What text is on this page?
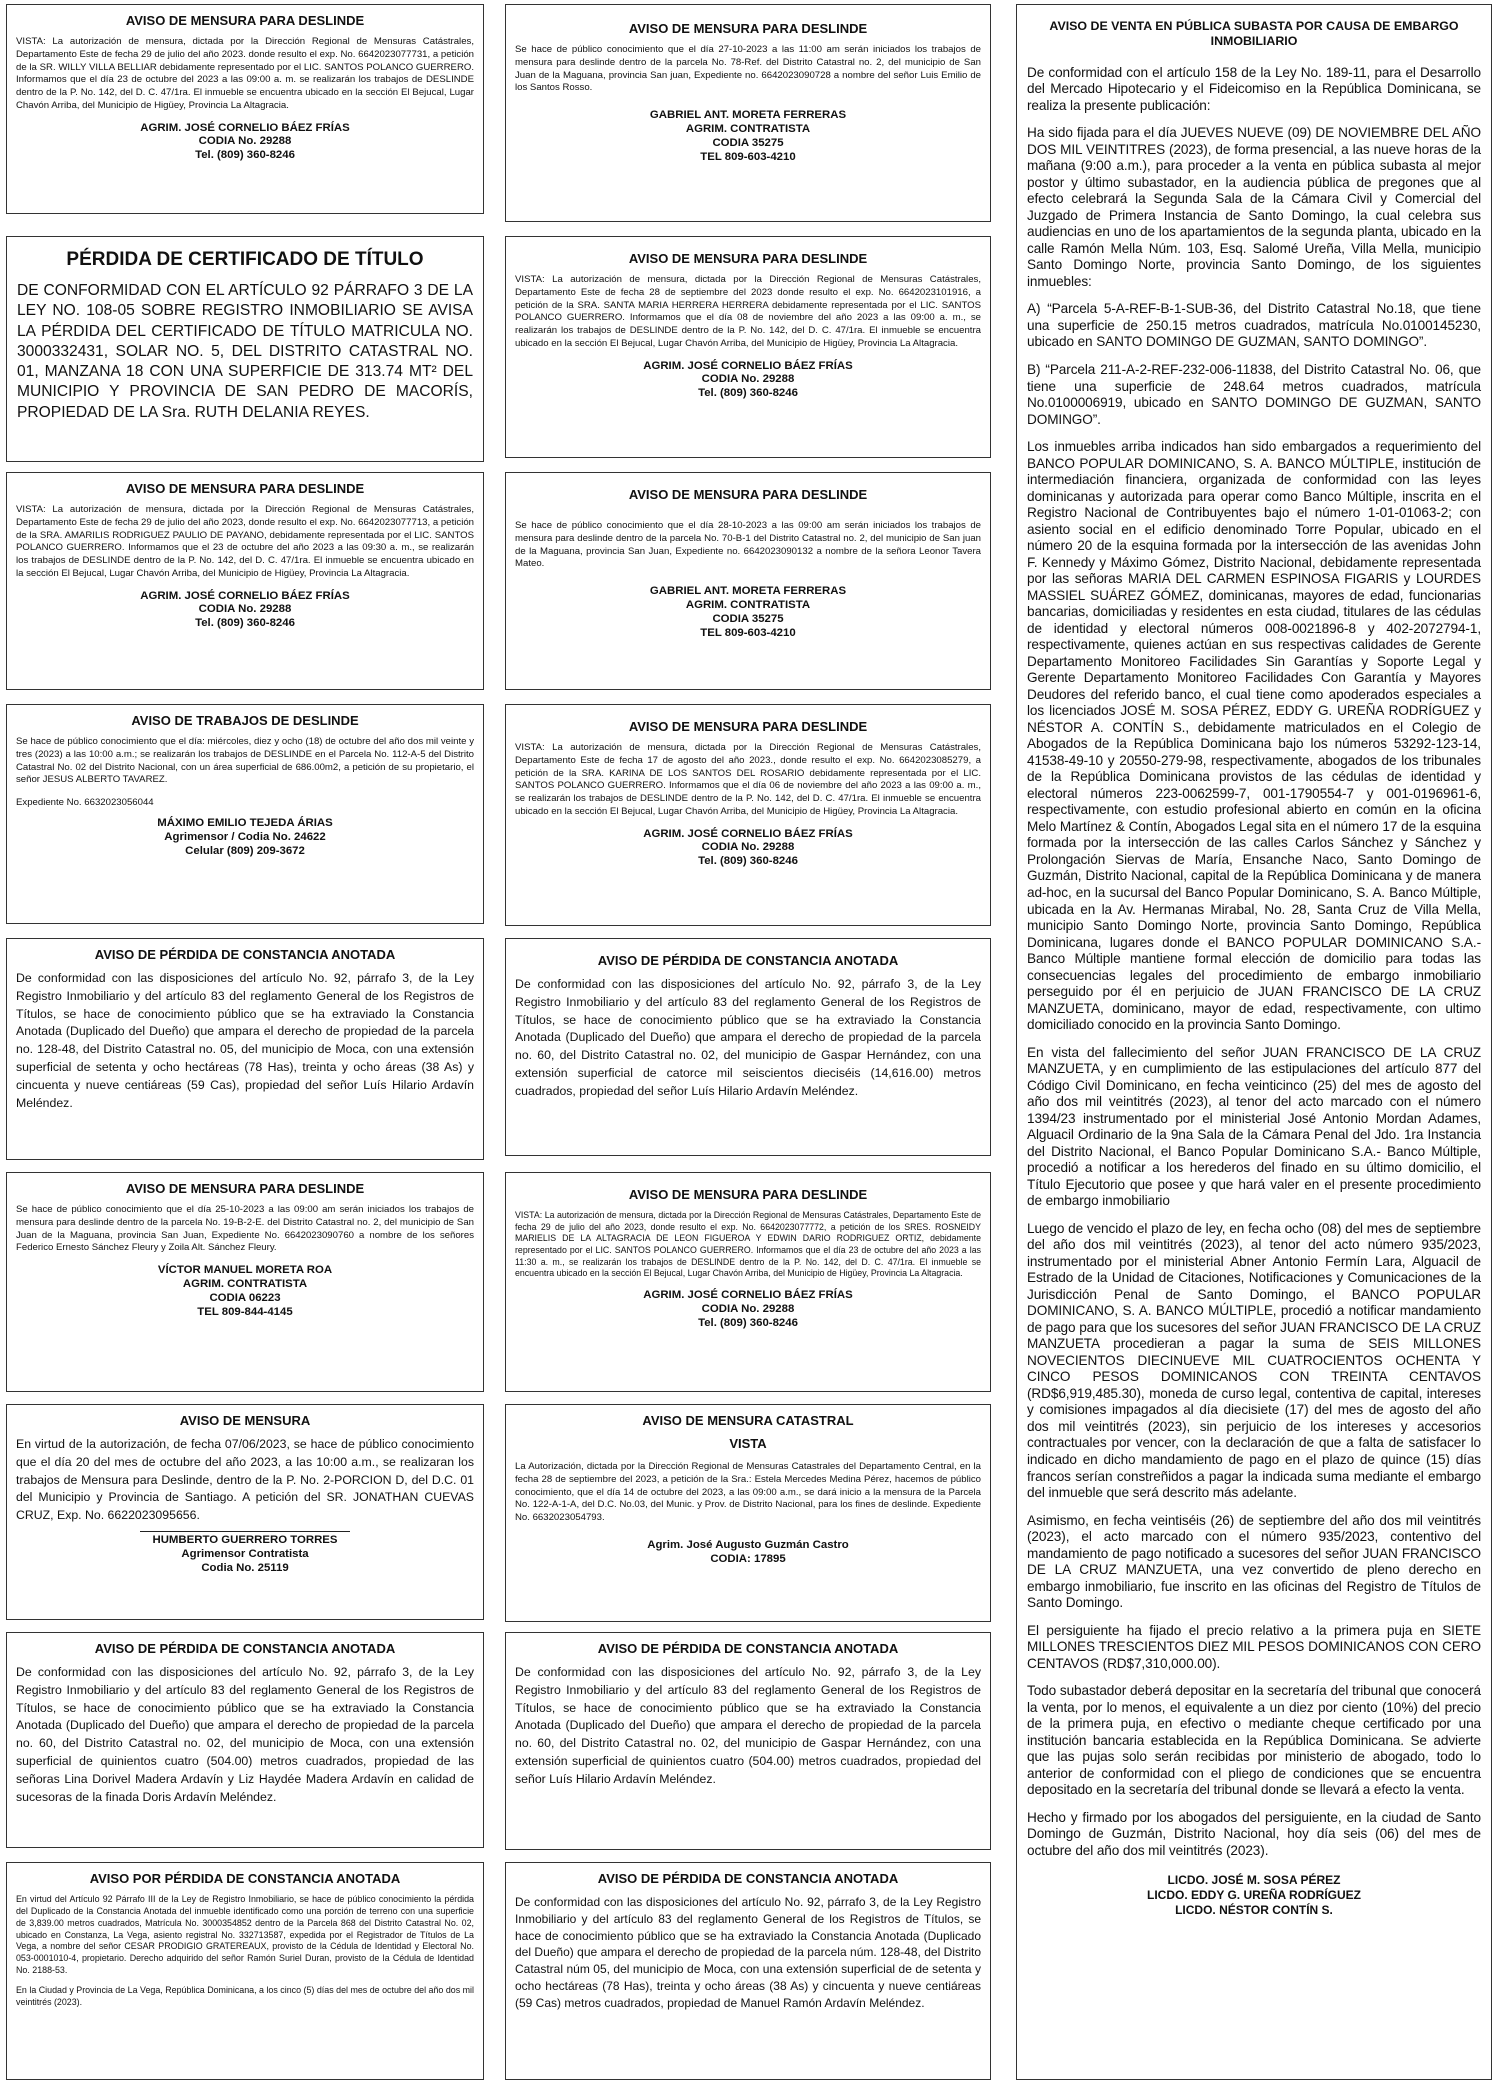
AVISO DE MENSURA PARA DESLINDE

VISTA: La autorización de mensura, dictada por la Dirección Regional de Mensuras Catástrales, Departamento Este de fecha 29 de julio del año 2023. donde resulto el exp. No. 6642023077731, a petición de la SR. WILLY VILLA BELLIAR debidamente representado por el LIC. SANTOS POLANCO GUERRERO. Informamos que el día 23 de octubre del 2023 a las 09:00 a. m. se realizarán los trabajos de DESLINDE dentro de la P. No. 142, del D. C. 47/1ra. El inmueble se encuentra ubicado en la sección El Bejucal, Lugar Chavón Arriba, del Municipio de Higüey, Provincia La Altagracia.

AGRIM. JOSÉ CORNELIO BÁEZ FRÍAS
CODIA No. 29288
Tel. (809) 360-8246
PÉRDIDA DE CERTIFICADO DE TÍTULO

DE CONFORMIDAD CON EL ARTÍCULO 92 PÁRRAFO 3 DE LA LEY NO. 108-05 SOBRE REGISTRO INMOBILIARIO SE AVISA LA PÉRDIDA DEL CERTIFICADO DE TÍTULO MATRICULA NO. 3000332431, SOLAR NO. 5, DEL DISTRITO CATASTRAL NO. 01, MANZANA 18 CON UNA SUPERFICIE DE 313.74 MT² DEL MUNICIPIO Y PROVINCIA DE SAN PEDRO DE MACORÍS, PROPIEDAD DE LA Sra. RUTH DELANIA REYES.

AVISO DE MENSURA PARA DESLINDE

VISTA: La autorización de mensura, dictada por la Dirección Regional de Mensuras Catástrales, Departamento Este de fecha 29 de julio del año 2023, donde resulto el exp. No. 6642023077713, a petición de la SRA. AMARILIS RODRIGUEZ PAULIO DE PAYANO, debidamente representada por el LIC. SANTOS POLANCO GUERRERO. Informamos que el 23 de octubre del año 2023 a las 09:30 a. m., se realizarán los trabajos de DESLINDE dentro de la P. No. 142, del D. C. 47/1ra. El inmueble se encuentra ubicado en la sección El Bejucal, Lugar Chavón Arriba, del Municipio de Higüey, Provincia La Altagracia.

AGRIM. JOSÉ CORNELIO BÁEZ FRÍAS
CODIA No. 29288
Tel. (809) 360-8246
AVISO DE TRABAJOS DE DESLINDE

Se hace de público conocimiento que el día: miércoles, diez y ocho (18) de octubre del año dos mil veinte y tres (2023) a las 10:00 a.m.; se realizarán los trabajos de DESLINDE en el Parcela No. 112-A-5 del Distrito Catastral No. 02 del Distrito Nacional, con un área superficial de 686.00m2, a petición de su propietario, el señor JESUS ALBERTO TAVAREZ.

Expediente No. 6632023056044
MÁXIMO EMILIO TEJEDA ÁRIAS
Agrimensor / Codia No. 24622
Celular (809) 209-3672
AVISO DE PÉRDIDA DE CONSTANCIA ANOTADA

De conformidad con las disposiciones del artículo No. 92, párrafo 3, de la Ley Registro Inmobiliario y del artículo 83 del reglamento General de los Registros de Títulos, se hace de conocimiento público que se ha extraviado la Constancia Anotada (Duplicado del Dueño) que ampara el derecho de propiedad de la parcela no. 128-48, del Distrito Catastral no. 05, del municipio de Moca, con una extensión superficial de setenta y ocho hectáreas (78 Has), treinta y ocho áreas (38 As) y cincuenta y nueve centiáreas (59 Cas), propiedad del señor Luís Hilario Ardavín Meléndez.

AVISO DE MENSURA PARA DESLINDE

Se hace de público conocimiento que el día 25-10-2023 a las 09:00 am serán iniciados los trabajos de mensura para deslinde dentro de la parcela No. 19-B-2-E. del Distrito Catastral no. 2, del municipio de San Juan de la Maguana, provincia San Juan, Expediente No. 6642023090760 a nombre de los señores Federico Ernesto Sánchez Fleury y Zoila Alt. Sánchez Fleury.

VÍCTOR MANUEL MORETA ROA
AGRIM. CONTRATISTA
CODIA 06223
TEL 809-844-4145
AVISO DE MENSURA

En virtud de la autorización, de fecha 07/06/2023, se hace de público conocimiento que el día 20 del mes de octubre del año 2023, a las 10:00 a.m., se realizaran los trabajos de Mensura para Deslinde, dentro de la P. No. 2-PORCION D, del D.C. 01 del Municipio y Provincia de Santiago. A petición del SR. JONATHAN CUEVAS CRUZ, Exp. No. 6622023095656.

HUMBERTO GUERRERO TORRES
Agrimensor Contratista
Codia No. 25119
AVISO DE PÉRDIDA DE CONSTANCIA ANOTADA

De conformidad con las disposiciones del artículo No. 92, párrafo 3, de la Ley Registro Inmobiliario y del artículo 83 del reglamento General de los Registros de Títulos, se hace de conocimiento público que se ha extraviado la Constancia Anotada (Duplicado del Dueño) que ampara el derecho de propiedad de la parcela no. 60, del Distrito Catastral no. 02, del municipio de Moca, con una extensión superficial de quinientos cuatro (504.00) metros cuadrados, propiedad de las señoras Lina Dorivel Madera Ardavín y Liz Haydée Madera Ardavín en calidad de sucesoras de la finada Doris Ardavín Meléndez.

AVISO POR PÉRDIDA DE CONSTANCIA ANOTADA

En virtud del Artículo 92 Párrafo III de la Ley de Registro Inmobiliario, se hace de público conocimiento la pérdida del Duplicado de la Constancia Anotada del inmueble identificado como una porción de terreno con una superficie de 3,839.00 metros cuadrados, Matrícula No. 3000354852 dentro de la Parcela 868 del Distrito Catastral No. 02, ubicado en Constanza, La Vega, asiento registral No. 332713587, expedida por el Registrador de Títulos de La Vega, a nombre del señor CESAR PRODIGIO GRATEREAUX, provisto de la Cédula de Identidad y Electoral No. 053-0001010-4, propietario. Derecho adquirido del señor Ramón Suriel Duran, provisto de la Cédula de Identidad No. 2188-53.

En la Ciudad y Provincia de La Vega, República Dominicana, a los cinco (5) días del mes de octubre del año dos mil veintitrés (2023).

AVISO DE MENSURA PARA DESLINDE

Se hace de público conocimiento que el día 27-10-2023 a las 11:00 am serán iniciados los trabajos de mensura para deslinde dentro de la parcela No. 78-Ref. del Distrito Catastral no. 2, del municipio de San Juan de la Maguana, provincia San juan, Expediente no. 6642023090728 a nombre del señor Luis Emilio de los Santos Rosso.

GABRIEL ANT. MORETA FERRERAS
AGRIM. CONTRATISTA
CODIA 35275
TEL 809-603-4210
AVISO DE MENSURA PARA DESLINDE

VISTA: La autorización de mensura, dictada por la Dirección Regional de Mensuras Catástrales, Departamento Este de fecha 28 de septiembre del 2023 donde resulto el exp. No. 6642023101916, a petición de la SRA. SANTA MARIA HERRERA HERRERA debidamente representada por el LIC. SANTOS POLANCO GUERRERO. Informamos que el día 08 de noviembre del año 2023 a las 09:00 a. m., se realizarán los trabajos de DESLINDE dentro de la P. No. 142, del D. C. 47/1ra. El inmueble se encuentra ubicado en la sección El Bejucal, Lugar Chavón Arriba, del Municipio de Higüey, Provincia La Altagracia.

AGRIM. JOSÉ CORNELIO BÁEZ FRÍAS
CODIA No. 29288
Tel. (809) 360-8246
AVISO DE MENSURA PARA DESLINDE

Se hace de público conocimiento que el día 28-10-2023 a las 09:00 am serán iniciados los trabajos de mensura para deslinde dentro de la parcela No. 70-B-1 del Distrito Catastral no. 2, del municipio de San juan de la Maguana, provincia San Juan, Expediente no. 6642023090132 a nombre de la señora Leonor Tavera Mateo.

GABRIEL ANT. MORETA FERRERAS
AGRIM. CONTRATISTA
CODIA 35275
TEL 809-603-4210
AVISO DE MENSURA PARA DESLINDE

VISTA: La autorización de mensura, dictada por la Dirección Regional de Mensuras Catástrales, Departamento Este de fecha 17 de agosto del año 2023., donde resulto el exp. No. 6642023085279, a petición de la SRA. KARINA DE LOS SANTOS DEL ROSARIO debidamente representada por el LIC. SANTOS POLANCO GUERRERO. Informamos que el día 06 de noviembre del año 2023 a las 09:00 a. m., se realizarán los trabajos de DESLINDE dentro de la P. No. 142, del D. C. 47/1ra. El inmueble se encuentra ubicado en la sección El Bejucal, Lugar Chavón Arriba, del Municipio de Higüey, Provincia La Altagracia.

AGRIM. JOSÉ CORNELIO BÁEZ FRÍAS
CODIA No. 29288
Tel. (809) 360-8246
AVISO DE PÉRDIDA DE CONSTANCIA ANOTADA

De conformidad con las disposiciones del artículo No. 92, párrafo 3, de la Ley Registro Inmobiliario y del artículo 83 del reglamento General de los Registros de Títulos, se hace de conocimiento público que se ha extraviado la Constancia Anotada (Duplicado del Dueño) que ampara el derecho de propiedad de la parcela no. 60, del Distrito Catastral no. 02, del municipio de Gaspar Hernández, con una extensión superficial de catorce mil seiscientos dieciséis (14,616.00) metros cuadrados, propiedad del señor Luís Hilario Ardavín Meléndez.

AVISO DE MENSURA PARA DESLINDE

VISTA: La autorización de mensura, dictada por la Dirección Regional de Mensuras Catástrales, Departamento Este de fecha 29 de julio del año 2023, donde resulto el exp. No. 6642023077772, a petición de los SRES. ROSNEIDY MARIELIS DE LA ALTAGRACIA DE LEON FIGUEROA Y EDWIN DARIO RODRIGUEZ ORTIZ, debidamente representado por el LIC. SANTOS POLANCO GUERRERO. Informamos que el día 23 de octubre del año 2023 a las 11:30 a. m., se realizarán los trabajos de DESLINDE dentro de la P. No. 142, del D. C. 47/1ra. El inmueble se encuentra ubicado en la sección El Bejucal, Lugar Chavón Arriba, del Municipio de Higüey, Provincia La Altagracia.

AGRIM. JOSÉ CORNELIO BÁEZ FRÍAS
CODIA No. 29288
Tel. (809) 360-8246
AVISO DE MENSURA CATASTRAL
VISTA

La Autorización, dictada por la Dirección Regional de Mensuras Catastrales del Departamento Central, en la fecha 28 de septiembre del 2023, a petición de la Sra.: Estela Mercedes Medina Pérez, hacemos de público conocimiento, que el día 14 de octubre del 2023, a las 09:00 a.m., se dará inicio a la mensura de la Parcela No. 122-A-1-A, del D.C. No.03, del Munic. y Prov. de Distrito Nacional, para los fines de deslinde. Expediente No. 6632023054793.

Agrim. José Augusto Guzmán Castro
CODIA: 17895
AVISO DE PÉRDIDA DE CONSTANCIA ANOTADA

De conformidad con las disposiciones del artículo No. 92, párrafo 3, de la Ley Registro Inmobiliario y del artículo 83 del reglamento General de los Registros de Títulos, se hace de conocimiento público que se ha extraviado la Constancia Anotada (Duplicado del Dueño) que ampara el derecho de propiedad de la parcela no. 60, del Distrito Catastral no. 02, del municipio de Gaspar Hernández, con una extensión superficial de quinientos cuatro (504.00) metros cuadrados, propiedad del señor Luís Hilario Ardavín Meléndez.

AVISO DE PÉRDIDA DE CONSTANCIA ANOTADA

De conformidad con las disposiciones del artículo No. 92, párrafo 3, de la Ley Registro Inmobiliario y del artículo 83 del reglamento General de los Registros de Títulos, se hace de conocimiento público que se ha extraviado la Constancia Anotada (Duplicado del Dueño) que ampara el derecho de propiedad de la parcela núm. 128-48, del Distrito Catastral núm 05, del municipio de Moca, con una extensión superficial de de setenta y ocho hectáreas (78 Has), treinta y ocho áreas (38 As) y cincuenta y nueve centiáreas (59 Cas) metros cuadrados, propiedad de Manuel Ramón Ardavín Meléndez.

AVISO DE VENTA EN PÚBLICA SUBASTA POR CAUSA DE EMBARGO INMOBILIARIO

De conformidad con el artículo 158 de la Ley No. 189-11, para el Desarrollo del Mercado Hipotecario y el Fideicomiso en la República Dominicana, se realiza la presente publicación:

Ha sido fijada para el día JUEVES NUEVE (09) DE NOVIEMBRE DEL AÑO DOS MIL VEINTITRES (2023), de forma presencial, a las nueve horas de la mañana (9:00 a.m.), para proceder a la venta en pública subasta al mejor postor y último subastador, en la audiencia pública de pregones que al efecto celebrará la Segunda Sala de la Cámara Civil y Comercial del Juzgado de Primera Instancia de Santo Domingo, la cual celebra sus audiencias en uno de los apartamientos de la segunda planta, ubicado en la calle Ramón Mella Núm. 103, Esq. Salomé Ureña, Villa Mella, municipio Santo Domingo Norte, provincia Santo Domingo, de los siguientes inmuebles:

A) “Parcela 5-A-REF-B-1-SUB-36, del Distrito Catastral No.18, que tiene una superficie de 250.15 metros cuadrados, matrícula No.0100145230, ubicado en SANTO DOMINGO DE GUZMAN, SANTO DOMINGO”.

B) “Parcela 211-A-2-REF-232-006-11838, del Distrito Catastral No. 06, que tiene una superficie de 248.64 metros cuadrados, matrícula No.0100006919, ubicado en SANTO DOMINGO DE GUZMAN, SANTO DOMINGO”.

Los inmuebles arriba indicados han sido embargados a requerimiento del BANCO POPULAR DOMINICANO, S. A. BANCO MÚLTIPLE, institución de intermediación financiera, organizada de conformidad con las leyes dominicanas y autorizada para operar como Banco Múltiple, inscrita en el Registro Nacional de Contribuyentes bajo el número 1-01-01063-2; con asiento social en el edificio denominado Torre Popular, ubicado en el número 20 de la esquina formada por la intersección de las avenidas John F. Kennedy y Máximo Gómez, Distrito Nacional, debidamente representada por las señoras MARIA DEL CARMEN ESPINOSA FIGARIS y LOURDES MASSIEL SUÁREZ GÓMEZ, dominicanas, mayores de edad, funcionarias bancarias, domiciliadas y residentes en esta ciudad, titulares de las cédulas de identidad y electoral números 008-0021896-8 y 402-2072794-1, respectivamente, quienes actúan en sus respectivas calidades de Gerente Departamento Monitoreo Facilidades Sin Garantías y Soporte Legal y Gerente Departamento Monitoreo Facilidades Con Garantía y Mayores Deudores del referido banco, el cual tiene como apoderados especiales a los licenciados JOSÉ M. SOSA PÉREZ, EDDY G. UREÑA RODRÍGUEZ y NÉSTOR A. CONTÍN S., debidamente matriculados en el Colegio de Abogados de la República Dominicana bajo los números 53292-123-14, 41538-49-10 y 20550-279-98, respectivamente, abogados de los tribunales de la República Dominicana provistos de las cédulas de identidad y electoral números 223-0062599-7, 001-1790554-7 y 001-0196961-6, respectivamente, con estudio profesional abierto en común en la oficina Melo Martínez & Contín, Abogados Legal sita en el número 17 de la esquina formada por la intersección de las calles Carlos Sánchez y Sánchez y Prolongación Siervas de María, Ensanche Naco, Santo Domingo de Guzmán, Distrito Nacional, capital de la República Dominicana y de manera ad-hoc, en la sucursal del Banco Popular Dominicano, S. A. Banco Múltiple, ubicada en la Av. Hermanas Mirabal, No. 28, Santa Cruz de Villa Mella, municipio Santo Domingo Norte, provincia Santo Domingo, República Dominicana, lugares donde el BANCO POPULAR DOMINICANO S.A.- Banco Múltiple mantiene formal elección de domicilio para todas las consecuencias legales del procedimiento de embargo inmobiliario perseguido por él en perjuicio de JUAN FRANCISCO DE LA CRUZ MANZUETA, dominicano, mayor de edad, respectivamente, con ultimo domiciliado conocido en la provincia Santo Domingo.

En vista del fallecimiento del señor JUAN FRANCISCO DE LA CRUZ MANZUETA, y en cumplimiento de las estipulaciones del artículo 877 del Código Civil Dominicano, en fecha veinticinco (25) del mes de agosto del año dos mil veintitrés (2023), al tenor del acto marcado con el número 1394/23 instrumentado por el ministerial José Antonio Mordan Adames, Alguacil Ordinario de la 9na Sala de la Cámara Penal del Jdo. 1ra Instancia del Distrito Nacional, el Banco Popular Dominicano S.A.- Banco Múltiple, procedió a notificar a los herederos del finado en su último domicilio, el Título Ejecutorio que posee y que hará valer en el presente procedimiento de embargo inmobiliario

Luego de vencido el plazo de ley, en fecha ocho (08) del mes de septiembre del año dos mil veintitrés (2023), al tenor del acto número 935/2023, instrumentado por el ministerial Abner Antonio Fermín Lara, Alguacil de Estrado de la Unidad de Citaciones, Notificaciones y Comunicaciones de la Jurisdicción Penal de Santo Domingo, el BANCO POPULAR DOMINICANO, S. A. BANCO MÚLTIPLE, procedió a notificar mandamiento de pago para que los sucesores del señor JUAN FRANCISCO DE LA CRUZ MANZUETA procedieran a pagar la suma de SEIS MILLONES NOVECIENTOS DIECINUEVE MIL CUATROCIENTOS OCHENTA Y CINCO PESOS DOMINICANOS CON TREINTA CENTAVOS (RD$6,919,485.30), moneda de curso legal, contentiva de capital, intereses y comisiones impagados al día diecisiete (17) del mes de agosto del año dos mil veintitrés (2023), sin perjuicio de los intereses y accesorios contractuales por vencer, con la declaración de que a falta de satisfacer lo indicado en dicho mandamiento de pago en el plazo de quince (15) días francos serían constreñidos a pagar la indicada suma mediante el embargo del inmueble que será descrito más adelante.

Asimismo, en fecha veintiséis (26) de septiembre del año dos mil veintitrés (2023), el acto marcado con el número 935/2023, contentivo del mandamiento de pago notificado a sucesores del señor JUAN FRANCISCO DE LA CRUZ MANZUETA, una vez convertido de pleno derecho en embargo inmobiliario, fue inscrito en las oficinas del Registro de Títulos de Santo Domingo.

El persiguiente ha fijado el precio relativo a la primera puja en SIETE MILLONES TRESCIENTOS DIEZ MIL PESOS DOMINICANOS CON CERO CENTAVOS (RD$7,310,000.00).

Todo subastador deberá depositar en la secretaría del tribunal que conocerá la venta, por lo menos, el equivalente a un diez por ciento (10%) del precio de la primera puja, en efectivo o mediante cheque certificado por una institución bancaria establecida en la República Dominicana. Se advierte que las pujas solo serán recibidas por ministerio de abogado, todo lo anterior de conformidad con el pliego de condiciones que se encuentra depositado en la secretaría del tribunal donde se llevará a efecto la venta.

Hecho y firmado por los abogados del persiguiente, en la ciudad de Santo Domingo de Guzmán, Distrito Nacional, hoy día seis (06) del mes de octubre del año dos mil veintitrés (2023).

LICDO. JOSÉ M. SOSA PÉREZ
LICDO. EDDY G. UREÑA RODRÍGUEZ
LICDO. NÉSTOR CONTÍN S.
